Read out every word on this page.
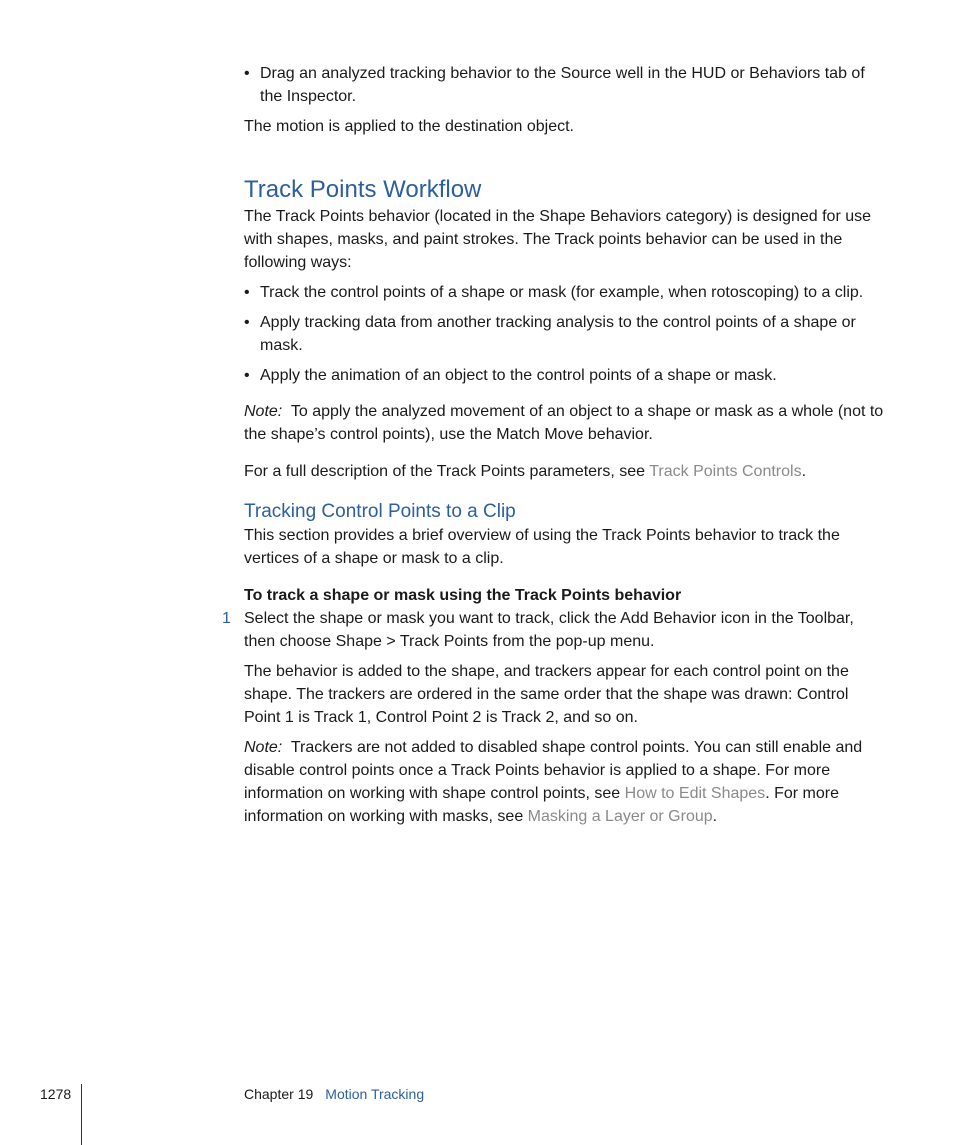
• Drag an analyzed tracking behavior to the Source well in the HUD or Behaviors tab of the Inspector.

The motion is applied to the destination object.

Track Points Workflow

The Track Points behavior (located in the Shape Behaviors category) is designed for use with shapes, masks, and paint strokes. The Track points behavior can be used in the following ways:

• Track the control points of a shape or mask (for example, when rotoscoping) to a clip.

• Apply tracking data from another tracking analysis to the control points of a shape or mask.

• Apply the animation of an object to the control points of a shape or mask.

Note: To apply the analyzed movement of an object to a shape or mask as a whole (not to the shape’s control points), use the Match Move behavior.

For a full description of the Track Points parameters, see Track Points Controls.

Tracking Control Points to a Clip

This section provides a brief overview of using the Track Points behavior to track the vertices of a shape or mask to a clip.

To track a shape or mask using the Track Points behavior

1 Select the shape or mask you want to track, click the Add Behavior icon in the Toolbar, then choose Shape > Track Points from the pop-up menu.

The behavior is added to the shape, and trackers appear for each control point on the shape. The trackers are ordered in the same order that the shape was drawn: Control Point 1 is Track 1, Control Point 2 is Track 2, and so on.

Note: Trackers are not added to disabled shape control points. You can still enable and disable control points once a Track Points behavior is applied to a shape. For more information on working with shape control points, see How to Edit Shapes. For more information on working with masks, see Masking a Layer or Group.

1278	Chapter 19 Motion Tracking
